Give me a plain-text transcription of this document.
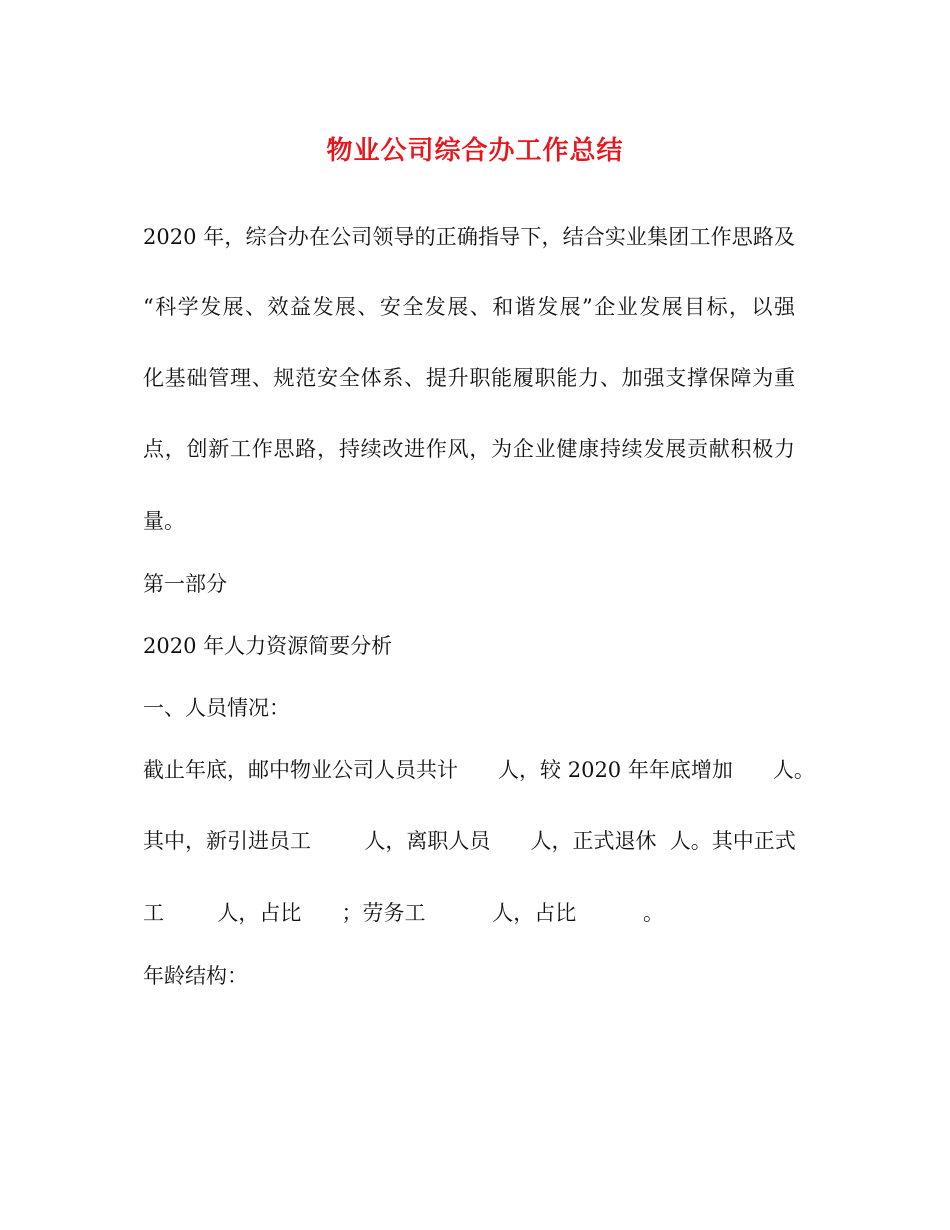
物业公司综合办工作总结
2020 年，综合办在公司领导的正确指导下，结合实业集团工作思路及
“科学发展、效益发展、安全发展、和谐发展”企业发展目标，以强
化基础管理、规范安全体系、提升职能履职能力、加强支撑保障为重
点，创新工作思路，持续改进作风，为企业健康持续发展贡献积极力
量。
第一部分
2020 年人力资源简要分析
一、人员情况：
截止年底，邮中物业公司人员共计      人，较 2020 年年底增加      人。
其中，新引进员工        人，离职人员      人，正式退休  人。其中正式
工        人，占比      ；劳务工          人，占比          。
年龄结构：
